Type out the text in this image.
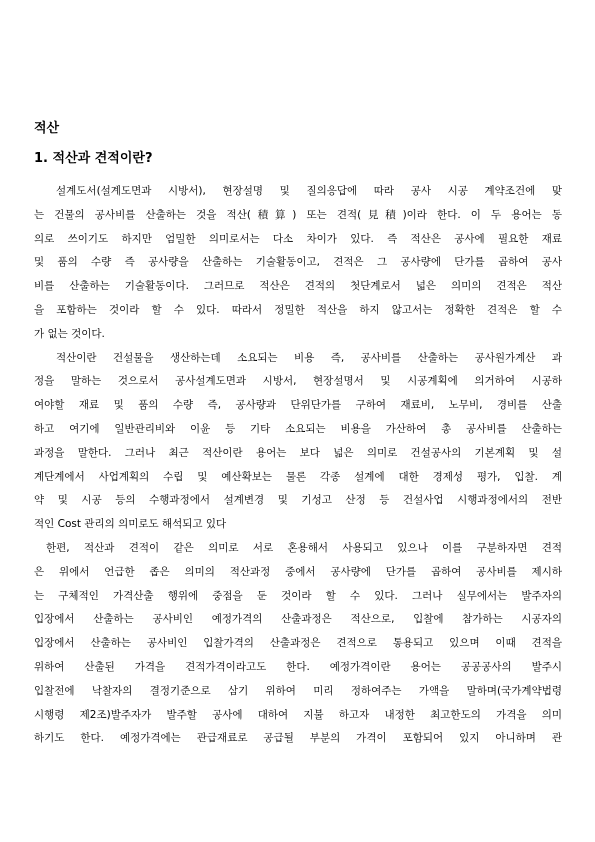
적산
1. 적산과 견적이란?
설계도서(설계도면과 시방서), 현장설명 및 질의응답에 따라 공사 시공 계약조건에 맞
는 건물의 공사비를 산출하는 것을 적산(積算) 또는 견적(見積)이라 한다. 이 두 용어는 동
의로 쓰이기도 하지만 엄밀한 의미로서는 다소 차이가 있다. 즉 적산은 공사에 필요한 재료
및 품의 수량 즉 공사량을 산출하는 기술활동이고, 견적은 그 공사량에 단가를 곱하여 공사
비를 산출하는 기술활동이다. 그러므로 적산은 견적의 첫단계로서 넓은 의미의 견적은 적산
을 포함하는 것이라 할 수 있다. 따라서 정밀한 적산을 하지 않고서는 정확한 견적은 할 수
가 없는 것이다.
적산이란 건설물을 생산하는데 소요되는 비용 즉, 공사비를 산출하는 공사원가계산 과
정을 말하는 것으로서 공사설계도면과 시방서, 현장설명서 및 시공계획에 의거하여 시공하
여야할 재료 및 품의 수량 즉, 공사량과 단위단가를 구하여 재료비, 노무비, 경비를 산출
하고 여기에 일반관리비와 이윤 등 기타 소요되는 비용을 가산하여 총 공사비를 산출하는
과정을 말한다. 그러나 최근 적산이란 용어는 보다 넓은 의미로 건설공사의 기본계획 및 설
계단계에서 사업계획의 수립 및 예산확보는 물론 각종 설계에 대한 경제성 평가, 입찰. 계
약 및 시공 등의 수행과정에서 설계변경 및 기성고 산정 등 건설사업 시행과정에서의 전반
적인 Cost 관리의 의미로도 해석되고 있다
한편, 적산과 견적이 같은 의미로 서로 혼용해서 사용되고 있으나 이를 구분하자면 견적
은 위에서 언급한 좁은 의미의 적산과정 중에서 공사량에 단가를 곱하여 공사비를 제시하
는 구체적인 가격산출 행위에 중점을 둔 것이라 할 수 있다. 그러나 실무에서는 발주자의
입장에서 산출하는 공사비인 예정가격의 산출과정은 적산으로, 입찰에 참가하는 시공자의
입장에서 산출하는 공사비인 입찰가격의 산출과정은 견적으로 통용되고 있으며 이때 견적을
위하여 산출된 가격을 견적가격이라고도 한다. 예정가격이란 용어는 공공공사의 발주시
입찰전에 낙찰자의 결정기준으로 삼기 위하여 미리 정하여주는 가액을 말하며(국가계약법령
시행령 제2조)발주자가 발주할 공사에 대하여 지불 하고자 내정한 최고한도의 가격을 의미
하기도 한다. 예정가격에는 관급재료로 공급될 부분의 가격이 포함되어 있지 아니하며 관
